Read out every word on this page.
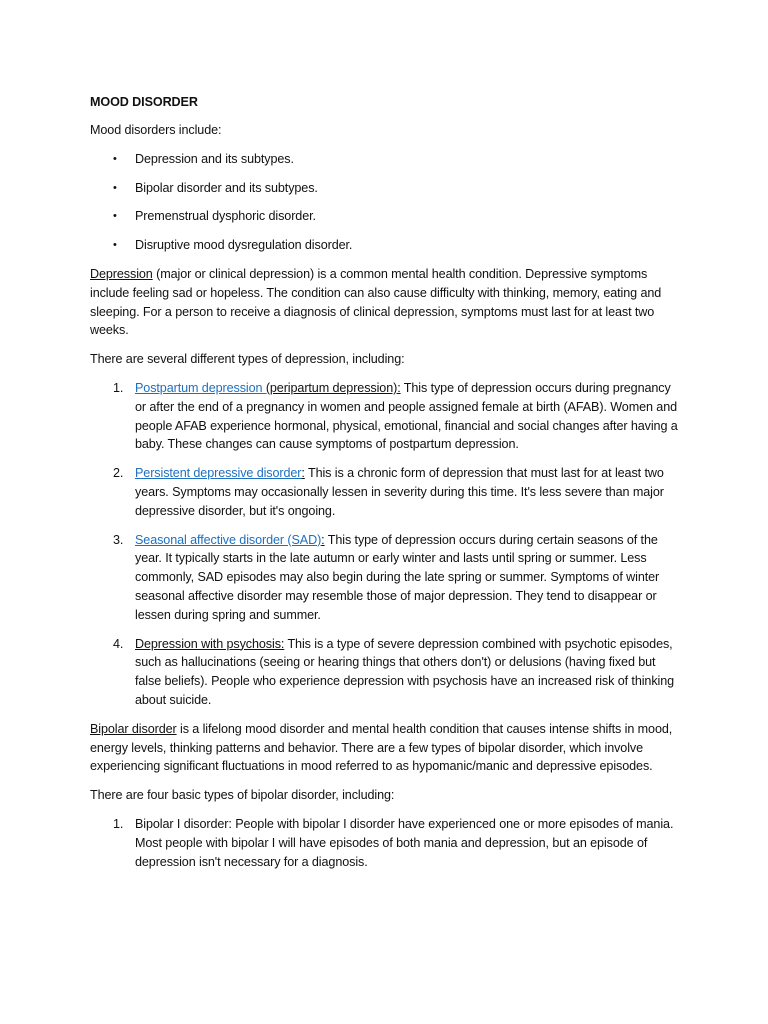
MOOD DISORDER

Mood disorders include:

• Depression and its subtypes.
• Bipolar disorder and its subtypes.
• Premenstrual dysphoric disorder.
• Disruptive mood dysregulation disorder.

Depression (major or clinical depression) is a common mental health condition. Depressive symptoms include feeling sad or hopeless. The condition can also cause difficulty with thinking, memory, eating and sleeping. For a person to receive a diagnosis of clinical depression, symptoms must last for at least two weeks.

There are several different types of depression, including:

1. Postpartum depression (peripartum depression): This type of depression occurs during pregnancy or after the end of a pregnancy in women and people assigned female at birth (AFAB). Women and people AFAB experience hormonal, physical, emotional, financial and social changes after having a baby. These changes can cause symptoms of postpartum depression.
2. Persistent depressive disorder: This is a chronic form of depression that must last for at least two years. Symptoms may occasionally lessen in severity during this time. It's less severe than major depressive disorder, but it's ongoing.
3. Seasonal affective disorder (SAD): This type of depression occurs during certain seasons of the year. It typically starts in the late autumn or early winter and lasts until spring or summer. Less commonly, SAD episodes may also begin during the late spring or summer. Symptoms of winter seasonal affective disorder may resemble those of major depression. They tend to disappear or lessen during spring and summer.
4. Depression with psychosis: This is a type of severe depression combined with psychotic episodes, such as hallucinations (seeing or hearing things that others don't) or delusions (having fixed but false beliefs). People who experience depression with psychosis have an increased risk of thinking about suicide.

Bipolar disorder is a lifelong mood disorder and mental health condition that causes intense shifts in mood, energy levels, thinking patterns and behavior. There are a few types of bipolar disorder, which involve experiencing significant fluctuations in mood referred to as hypomanic/manic and depressive episodes.

There are four basic types of bipolar disorder, including:

1. Bipolar I disorder: People with bipolar I disorder have experienced one or more episodes of mania. Most people with bipolar I will have episodes of both mania and depression, but an episode of depression isn't necessary for a diagnosis.
